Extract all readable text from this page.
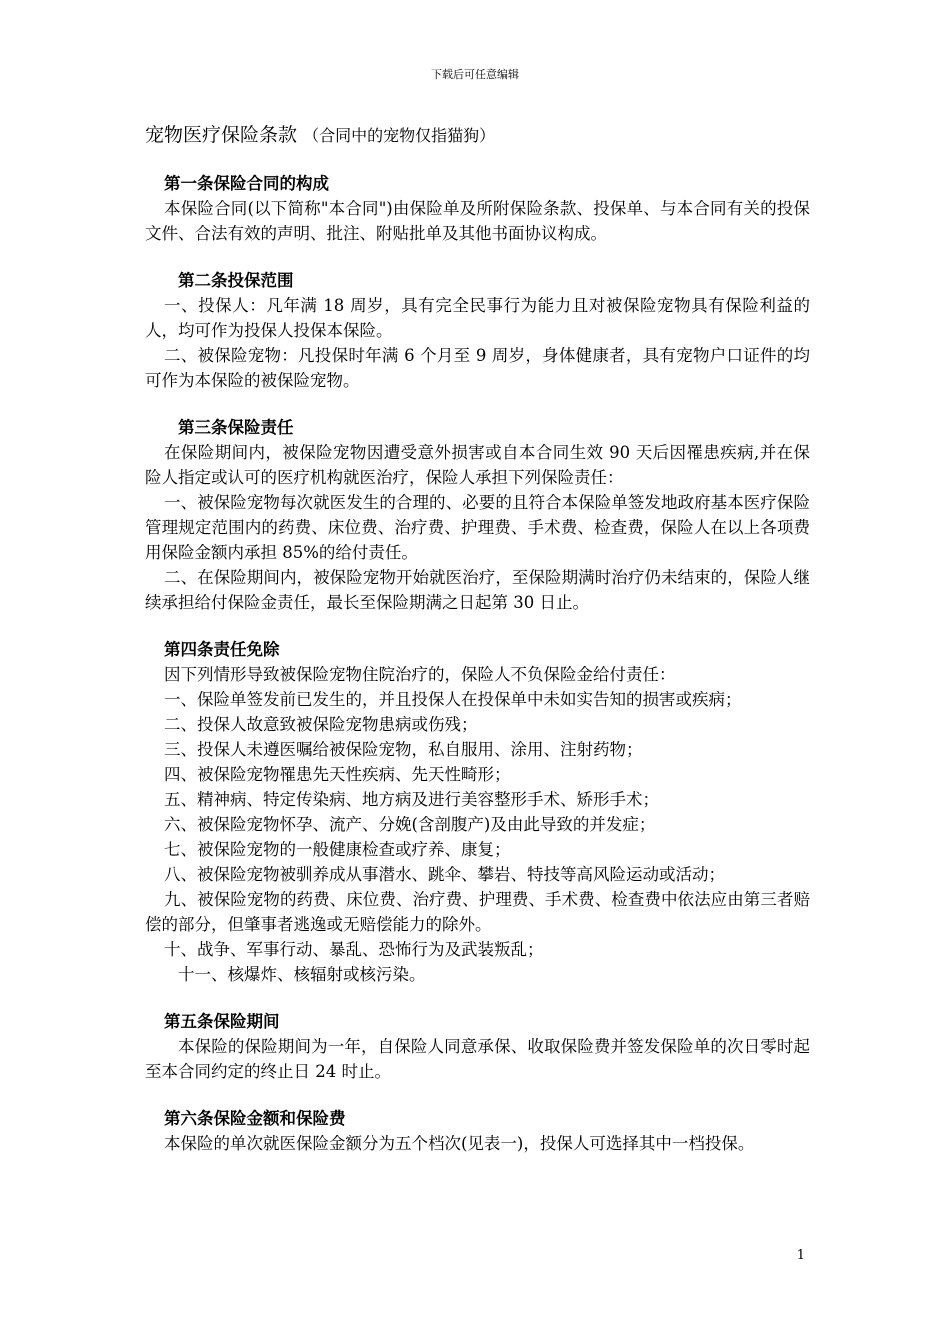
下载后可任意编辑
宠物医疗保险条款 （合同中的宠物仅指猫狗）

第一条保险合同的构成

本保险合同(以下简称"本合同")由保险单及所附保险条款、投保单、与本合同有关的投保文件、合法有效的声明、批注、附贴批单及其他书面协议构成。

第二条投保范围

一、投保人：凡年满 18 周岁，具有完全民事行为能力且对被保险宠物具有保险利益的人，均可作为投保人投保本保险。

二、被保险宠物：凡投保时年满 6 个月至 9 周岁，身体健康者，具有宠物户口证件的均可作为本保险的被保险宠物。

第三条保险责任

在保险期间内，被保险宠物因遭受意外损害或自本合同生效 90 天后因罹患疾病,并在保险人指定或认可的医疗机构就医治疗，保险人承担下列保险责任：

一、被保险宠物每次就医发生的合理的、必要的且符合本保险单签发地政府基本医疗保险管理规定范围内的药费、床位费、治疗费、护理费、手术费、检查费，保险人在以上各项费用保险金额内承担 85%的给付责任。

二、在保险期间内，被保险宠物开始就医治疗，至保险期满时治疗仍未结束的，保险人继续承担给付保险金责任，最长至保险期满之日起第 30 日止。

第四条责任免除

因下列情形导致被保险宠物住院治疗的，保险人不负保险金给付责任：

一、保险单签发前已发生的，并且投保人在投保单中未如实告知的损害或疾病；

二、投保人故意致被保险宠物患病或伤残；

三、投保人未遵医嘱给被保险宠物，私自服用、涂用、注射药物；

四、被保险宠物罹患先天性疾病、先天性畸形；

五、精神病、特定传染病、地方病及进行美容整形手术、矫形手术；

六、被保险宠物怀孕、流产、分娩(含剖腹产)及由此导致的并发症；

七、被保险宠物的一般健康检查或疗养、康复；

八、被保险宠物被驯养成从事潜水、跳伞、攀岩、特技等高风险运动或活动；

九、被保险宠物的药费、床位费、治疗费、护理费、手术费、检查费中依法应由第三者赔偿的部分，但肇事者逃逸或无赔偿能力的除外。

十、战争、军事行动、暴乱、恐怖行为及武装叛乱；

十一、核爆炸、核辐射或核污染。

第五条保险期间

本保险的保险期间为一年，自保险人同意承保、收取保险费并签发保险单的次日零时起至本合同约定的终止日 24 时止。

第六条保险金额和保险费

本保险的单次就医保险金额分为五个档次(见表一)，投保人可选择其中一档投保。

1
